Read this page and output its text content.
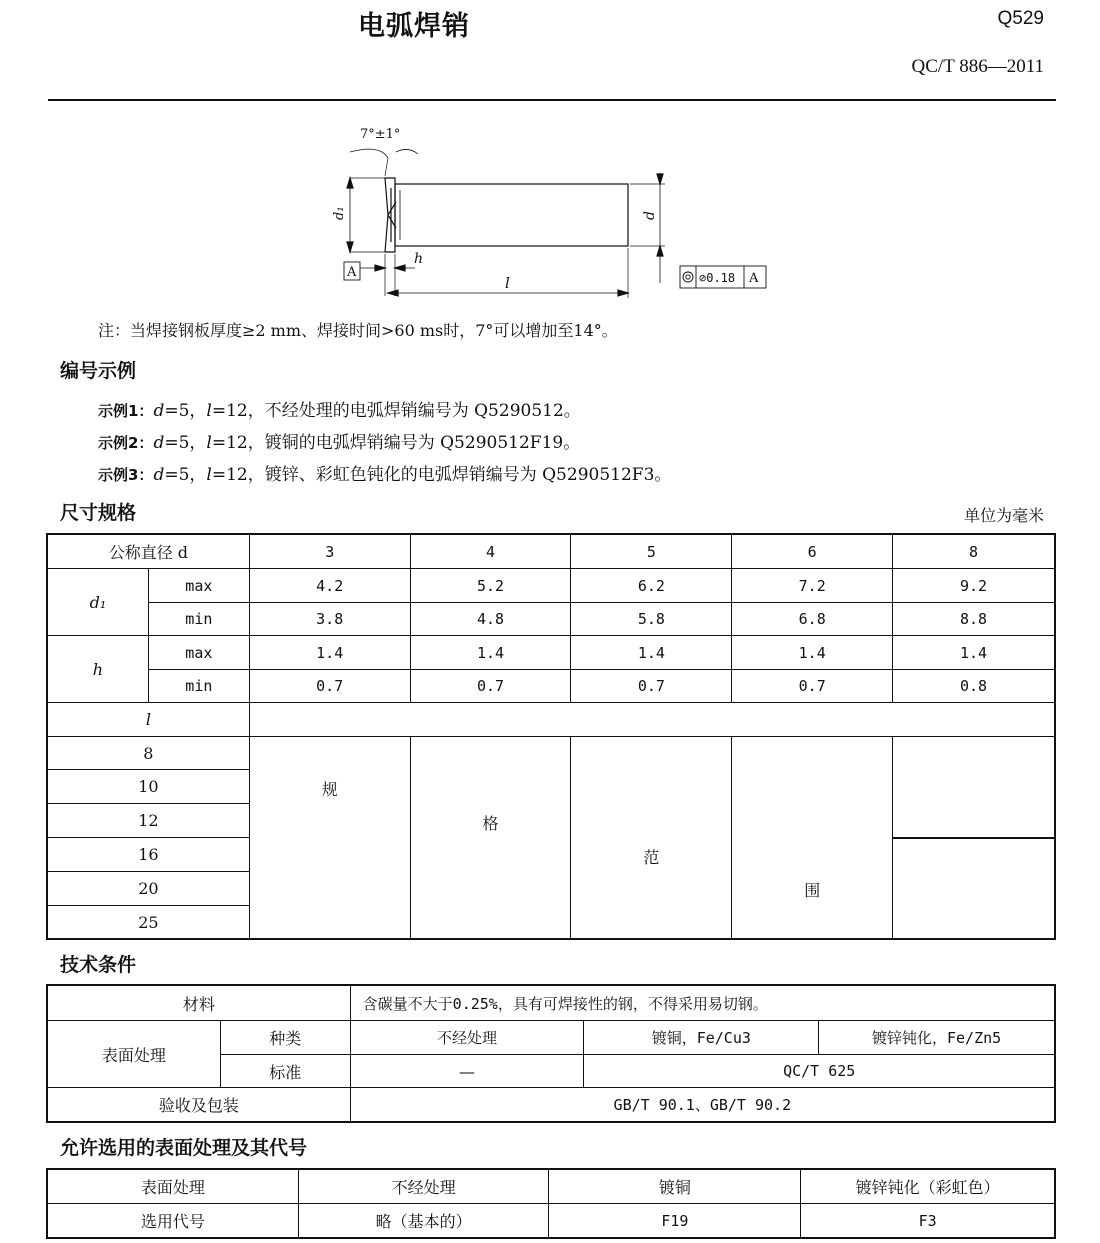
电弧焊销	Q529
QC/T 886—2011
7°±1°
d₁	d
h
l
A	⊘0.18 A
注：当焊接钢板厚度≥2 mm、焊接时间>60 ms时，7°可以增加至14°。
编号示例
示例1：d=5，l=12，不经处理的电弧焊销编号为 Q5290512。
示例2：d=5，l=12，镀铜的电弧焊销编号为 Q5290512F19。
示例3：d=5，l=12，镀锌、彩虹色钝化的电弧焊销编号为 Q5290512F3。
尺寸规格	单位为毫米
公称直径 d		3	4	5	6	8
d₁	max	4.2	5.2	6.2	7.2	9.2
	min	3.8	4.8	5.8	6.8	8.8
h	max	1.4	1.4	1.4	1.4	1.4
	min	0.7	0.7	0.7	0.7	0.8
l						
8		规	格	范	围	
10						
12						
16						
20						
25						
技术条件
材料		含碳量不大于0.25%，具有可焊接性的钢，不得采用易切钢。		
表面处理	种类	不经处理	镀铜，Fe/Cu3	镀锌钝化，Fe/Zn5
	标准	—	QC/T 625	
验收及包装		GB/T 90.1、GB/T 90.2		
允许选用的表面处理及其代号
表面处理	不经处理	镀铜	镀锌钝化（彩虹色）
选用代号	略（基本的）	F19	F3
